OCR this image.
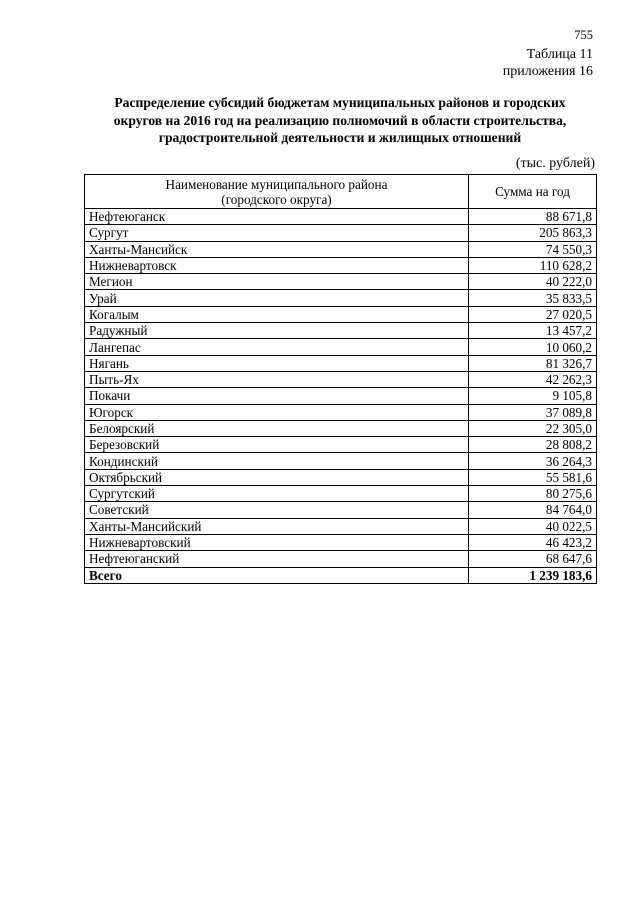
755
Таблица 11
приложения 16
Распределение субсидий бюджетам муниципальных районов и городских
округов на 2016 год на реализацию полномочий в области строительства,
градостроительной деятельности и жилищных отношений
(тыс. рублей)
Наименование муниципального района
(городского округа)	Сумма на год
Нефтеюганск	88 671,8
Сургут	205 863,3
Ханты-Мансийск	74 550,3
Нижневартовск	110 628,2
Мегион	40 222,0
Урай	35 833,5
Когалым	27 020,5
Радужный	13 457,2
Лангепас	10 060,2
Нягань	81 326,7
Пыть-Ях	42 262,3
Покачи	9 105,8
Югорск	37 089,8
Белоярский	22 305,0
Березовский	28 808,2
Кондинский	36 264,3
Октябрьский	55 581,6
Сургутский	80 275,6
Советский	84 764,0
Ханты-Мансийский	40 022,5
Нижневартовский	46 423,2
Нефтеюганский	68 647,6
Всего	1 239 183,6
